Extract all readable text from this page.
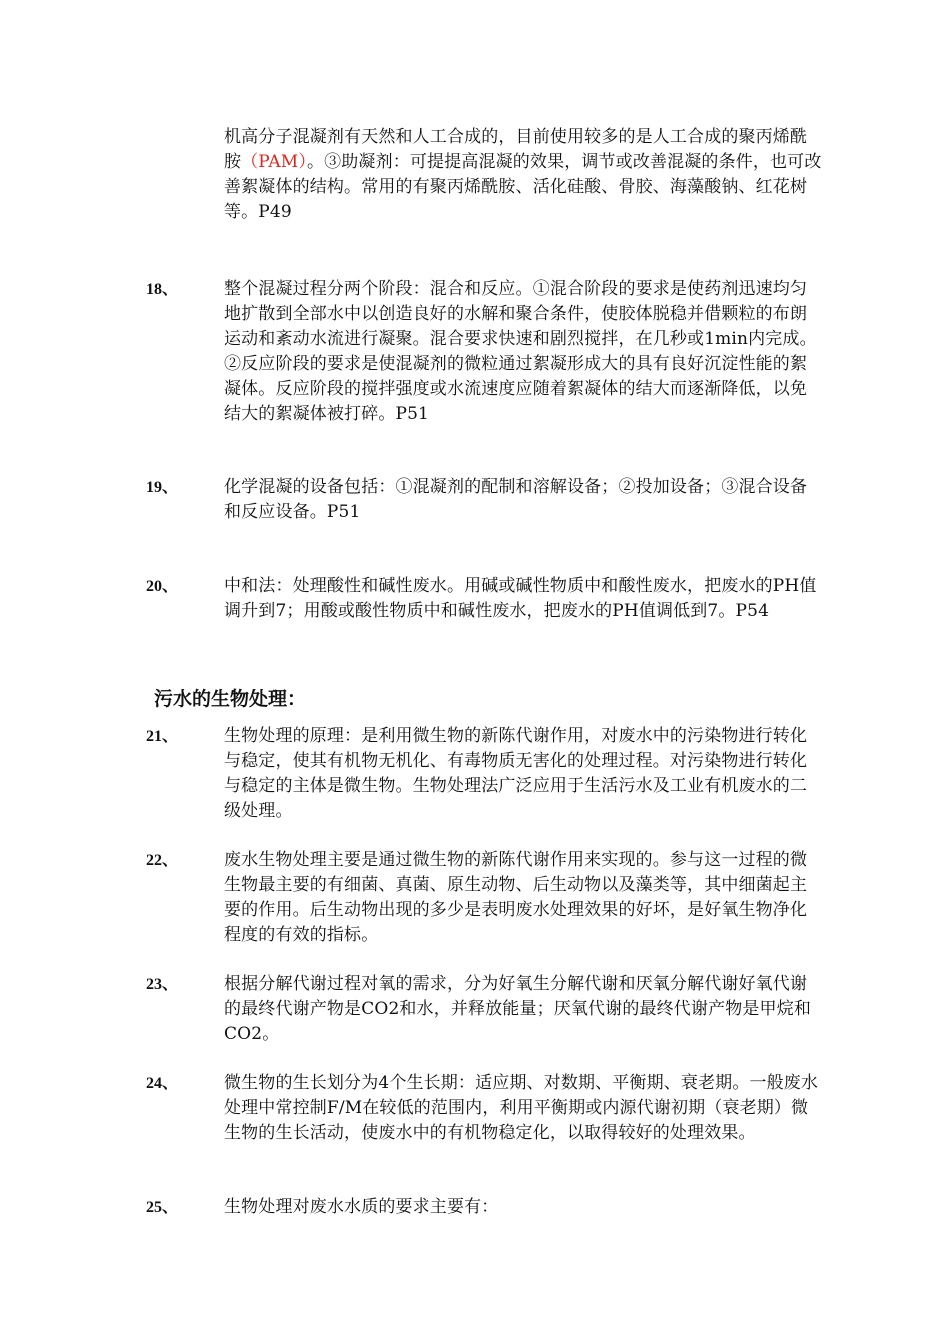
机高分子混凝剂有天然和人工合成的，目前使用较多的是人工合成的聚丙烯酰胺（PAM）。③助凝剂：可提提高混凝的效果，调节或改善混凝的条件，也可改善絮凝体的结构。常用的有聚丙烯酰胺、活化硅酸、骨胶、海藻酸钠、红花树等。P49
18、	整个混凝过程分两个阶段：混合和反应。①混合阶段的要求是使药剂迅速均匀地扩散到全部水中以创造良好的水解和聚合条件，使胶体脱稳并借颗粒的布朗运动和紊动水流进行凝聚。混合要求快速和剧烈搅拌，在几秒或1min内完成。②反应阶段的要求是使混凝剂的微粒通过絮凝形成大的具有良好沉淀性能的絮凝体。反应阶段的搅拌强度或水流速度应随着絮凝体的结大而逐渐降低，以免结大的絮凝体被打碎。P51
19、	化学混凝的设备包括：①混凝剂的配制和溶解设备；②投加设备；③混合设备和反应设备。P51
20、	中和法：处理酸性和碱性废水。用碱或碱性物质中和酸性废水，把废水的PH值调升到7；用酸或酸性物质中和碱性废水，把废水的PH值调低到7。P54
污水的生物处理：
21、	生物处理的原理：是利用微生物的新陈代谢作用，对废水中的污染物进行转化与稳定，使其有机物无机化、有毒物质无害化的处理过程。对污染物进行转化与稳定的主体是微生物。生物处理法广泛应用于生活污水及工业有机废水的二级处理。
22、	废水生物处理主要是通过微生物的新陈代谢作用来实现的。参与这一过程的微生物最主要的有细菌、真菌、原生动物、后生动物以及藻类等，其中细菌起主要的作用。后生动物出现的多少是表明废水处理效果的好坏，是好氧生物净化程度的有效的指标。
23、	根据分解代谢过程对氧的需求，分为好氧生分解代谢和厌氧分解代谢好氧代谢的最终代谢产物是CO2和水，并释放能量；厌氧代谢的最终代谢产物是甲烷和CO2。
24、	微生物的生长划分为4个生长期：适应期、对数期、平衡期、衰老期。一般废水处理中常控制F/M在较低的范围内，利用平衡期或内源代谢初期（衰老期）微生物的生长活动，使废水中的有机物稳定化，以取得较好的处理效果。
25、	生物处理对废水水质的要求主要有：
